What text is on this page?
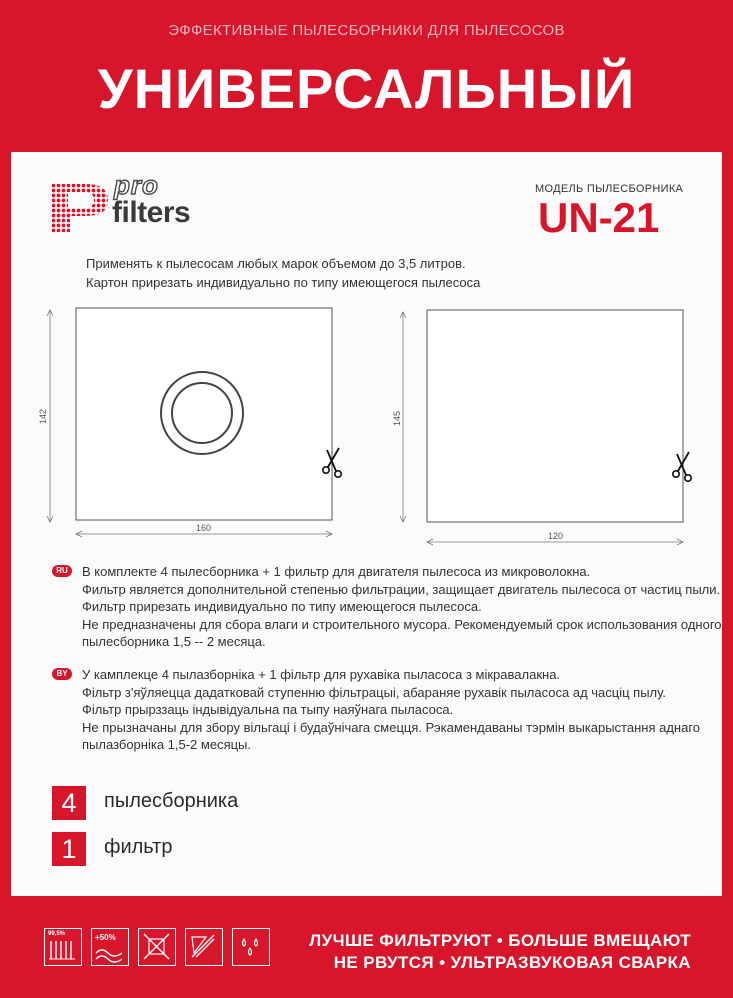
ЭФФЕКТИВНЫЕ ПЫЛЕСБОРНИКИ ДЛЯ ПЫЛЕСОСОВ
УНИВЕРСАЛЬНЫЙ
pro
filters
МОДЕЛЬ ПЫЛЕСБОРНИКА
UN-21
Применять к пылесосам любых марок объемом до 3,5 литров.
Картон прирезать индивидуально по типу имеющегося пылесоса
142
160
145
120
RU	В комплекте 4 пылесборника + 1 фильтр для двигателя пылесоса из микроволокна.
Фильтр является дополнительной степенью фильтрации, защищает двигатель пылесоса от частиц пыли.
Фильтр прирезать индивидуально по типу имеющегося пылесоса.
Не предназначены для сбора влаги и строительного мусора. Рекомендуемый срок использования одного
пылесборника 1,5 -- 2 месяца.
BY	У камплекце 4 пылазборніка + 1 фільтр для рухавіка пыласоса з мікравалакна.
Фільтр з'яўляецца дадатковай ступенню фільтрацыі, абараняе рухавік пыласоса ад часціц пылу.
Фільтр прырззаць індывідуальна па тыпу наяўнага пыласоса.
Не прызначаны для збору вільгаці і будаўнічага смецця. Рэкамендаваны тэрмін выкарыстання аднаго
пылазборніка 1,5-2 месяцы.
4	пылесборника
1	фильтр
99,5%	+50%	ЛУЧШЕ ФИЛЬТРУЮТ • БОЛЬШЕ ВМЕЩАЮТ
НЕ РВУТСЯ • УЛЬТРАЗВУКОВАЯ СВАРКА
